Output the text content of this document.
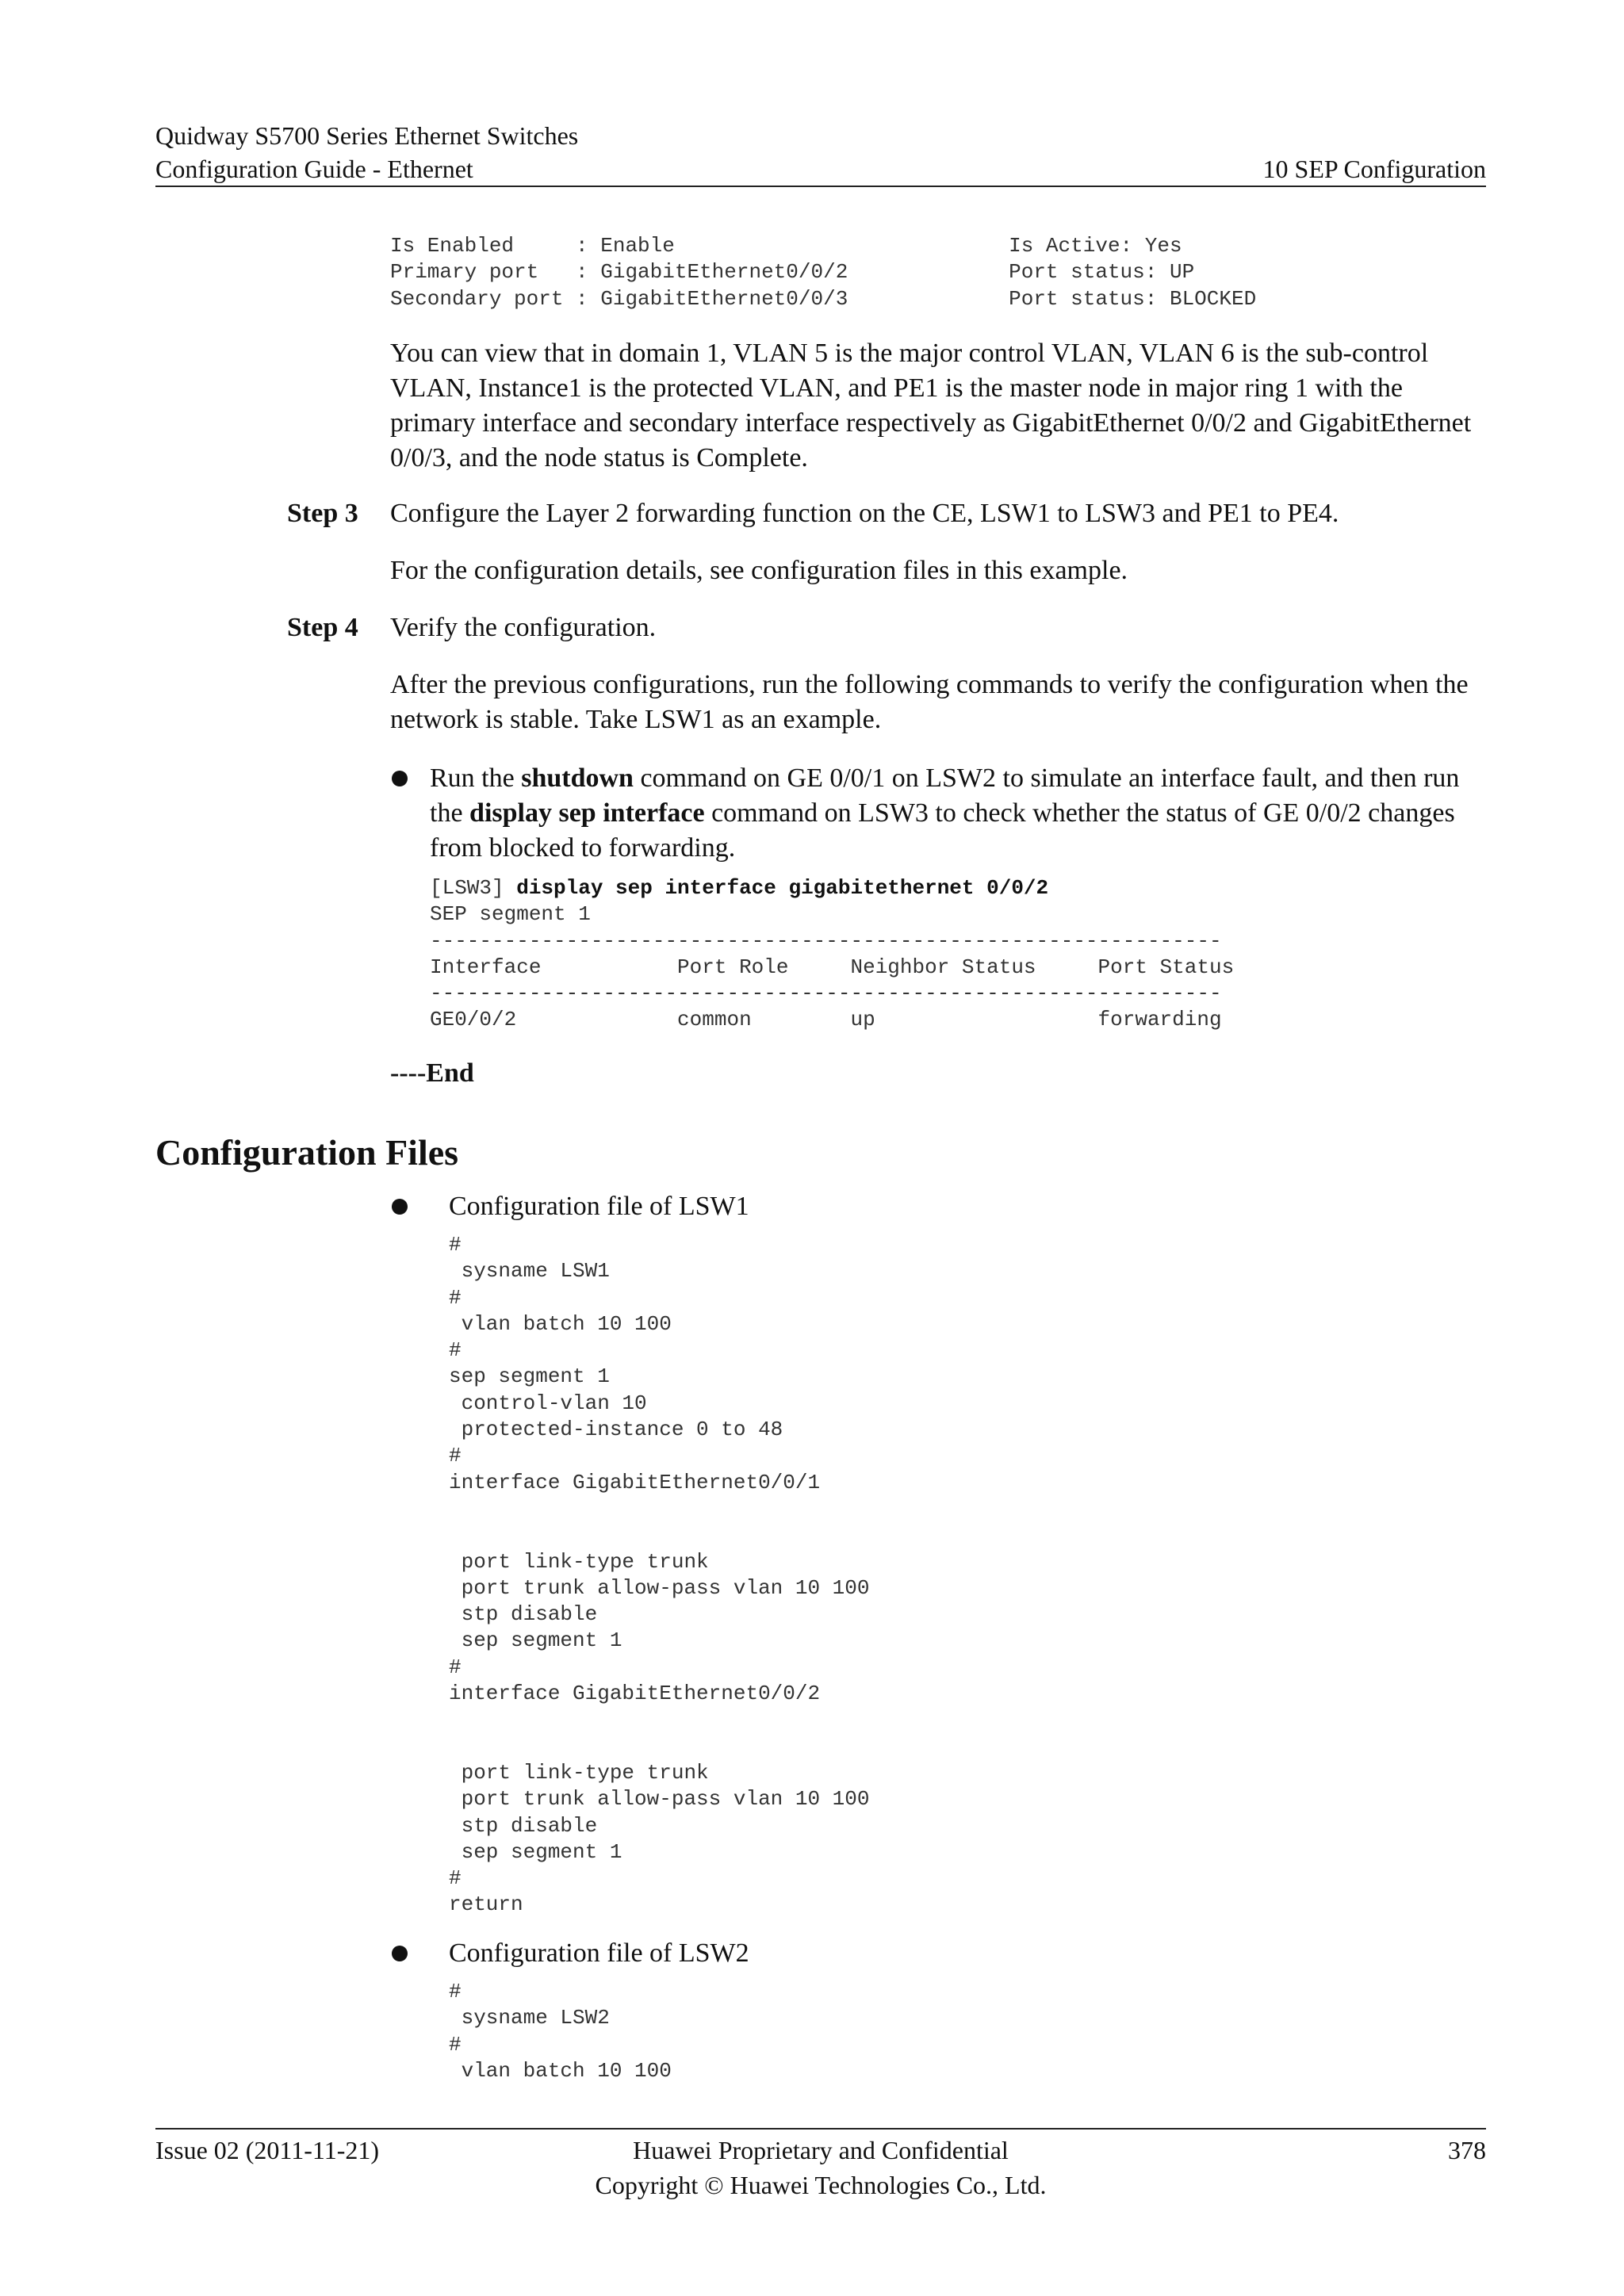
Quidway S5700 Series Ethernet Switches
Configuration Guide - Ethernet	10 SEP Configuration
Is Enabled     : Enable                           Is Active: Yes
Primary port   : GigabitEthernet0/0/2             Port status: UP
Secondary port : GigabitEthernet0/0/3             Port status: BLOCKED

You can view that in domain 1, VLAN 5 is the major control VLAN, VLAN 6 is the sub-control VLAN, Instance1 is the protected VLAN, and PE1 is the master node in major ring 1 with the primary interface and secondary interface respectively as GigabitEthernet 0/0/2 and GigabitEthernet 0/0/3, and the node status is Complete.

Step 3 Configure the Layer 2 forwarding function on the CE, LSW1 to LSW3 and PE1 to PE4.

For the configuration details, see configuration files in this example.

Step 4 Verify the configuration.

After the previous configurations, run the following commands to verify the configuration when the network is stable. Take LSW1 as an example.

Run the shutdown command on GE 0/0/1 on LSW2 to simulate an interface fault, and then run the display sep interface command on LSW3 to check whether the status of GE 0/0/2 changes from blocked to forwarding.

[LSW3] display sep interface gigabitethernet 0/0/2
SEP segment 1
----------------------------------------------------------------
Interface           Port Role     Neighbor Status     Port Status
----------------------------------------------------------------
GE0/0/2             common        up                  forwarding
----End
Configuration Files

Configuration file of LSW1

#
sysname LSW1
#
vlan batch 10 100
#
sep segment 1
control-vlan 10
protected-instance 0 to 48
#
interface GigabitEthernet0/0/1

port link-type trunk
port trunk allow-pass vlan 10 100
stp disable
sep segment 1
#
interface GigabitEthernet0/0/2

port link-type trunk
port trunk allow-pass vlan 10 100
stp disable
sep segment 1
#
return

Configuration file of LSW2

#
sysname LSW2
#
vlan batch 10 100
Issue 02 (2011-11-21)	Huawei Proprietary and Confidential
Copyright © Huawei Technologies Co., Ltd.
378
